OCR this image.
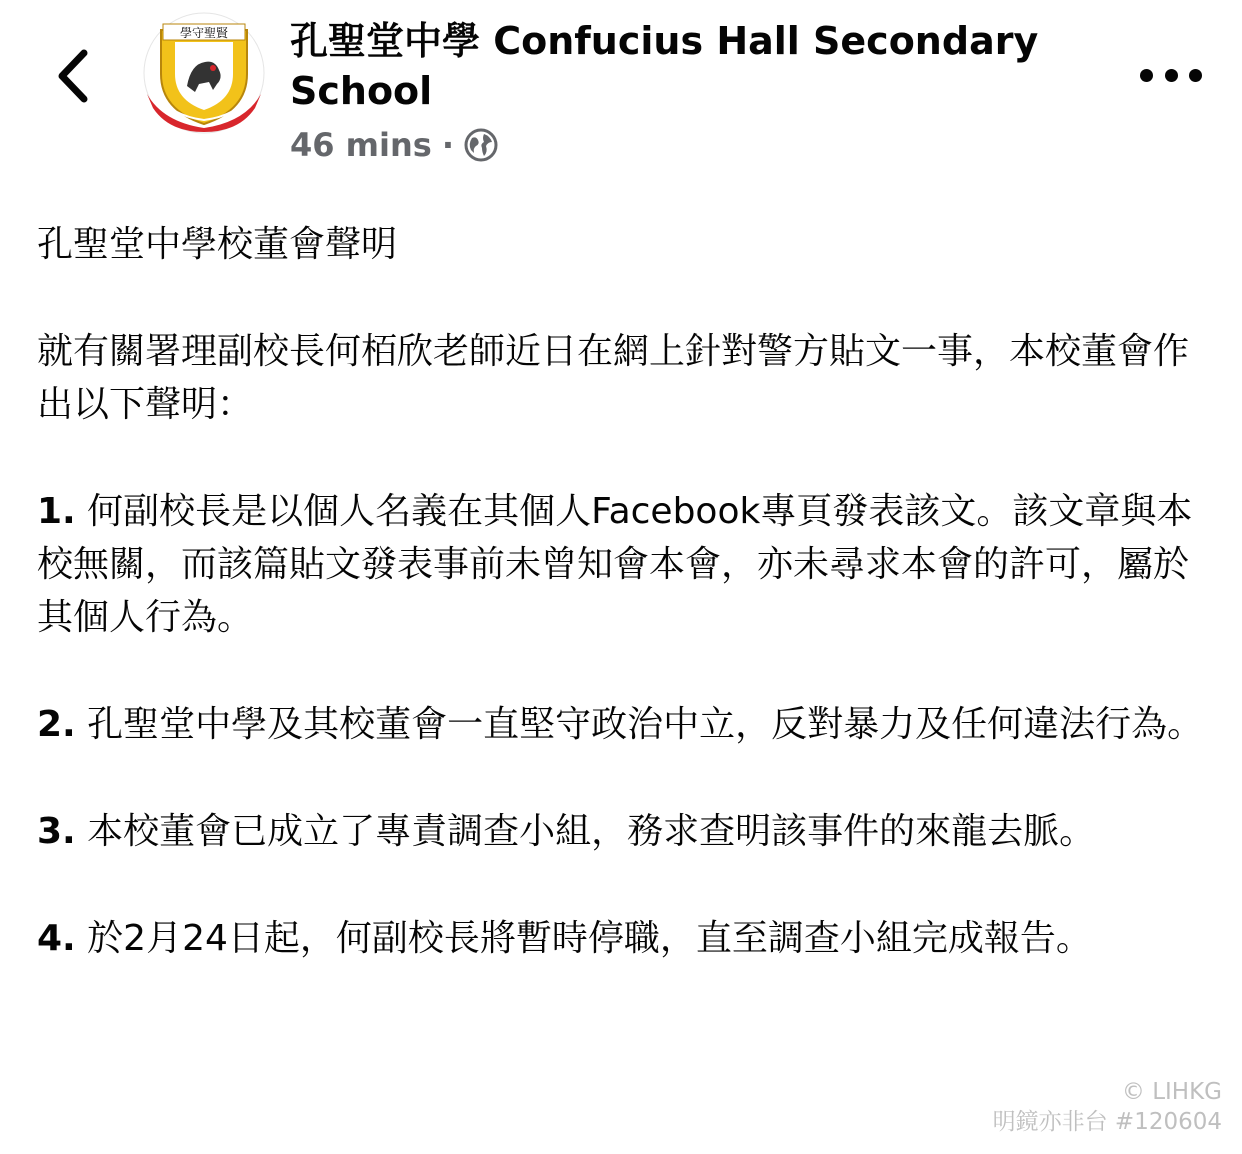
學守聖賢 孔聖堂中學 Confucius Hall Secondary School
46 mins ·

孔聖堂中學校董會聲明

就有關署理副校長何栢欣老師近日在網上針對警方貼文一事，本校董會作出以下聲明：

1. 何副校長是以個人名義在其個人Facebook專頁發表該文。該文章與本校無關，而該篇貼文發表事前未曾知會本會，亦未尋求本會的許可，屬於其個人行為。

2. 孔聖堂中學及其校董會一直堅守政治中立，反對暴力及任何違法行為。

3. 本校董會已成立了專責調查小組，務求查明該事件的來龍去脈。

4. 於2月24日起，何副校長將暫時停職，直至調查小組完成報告。

© LIHKG
明鏡亦非台 #120604
